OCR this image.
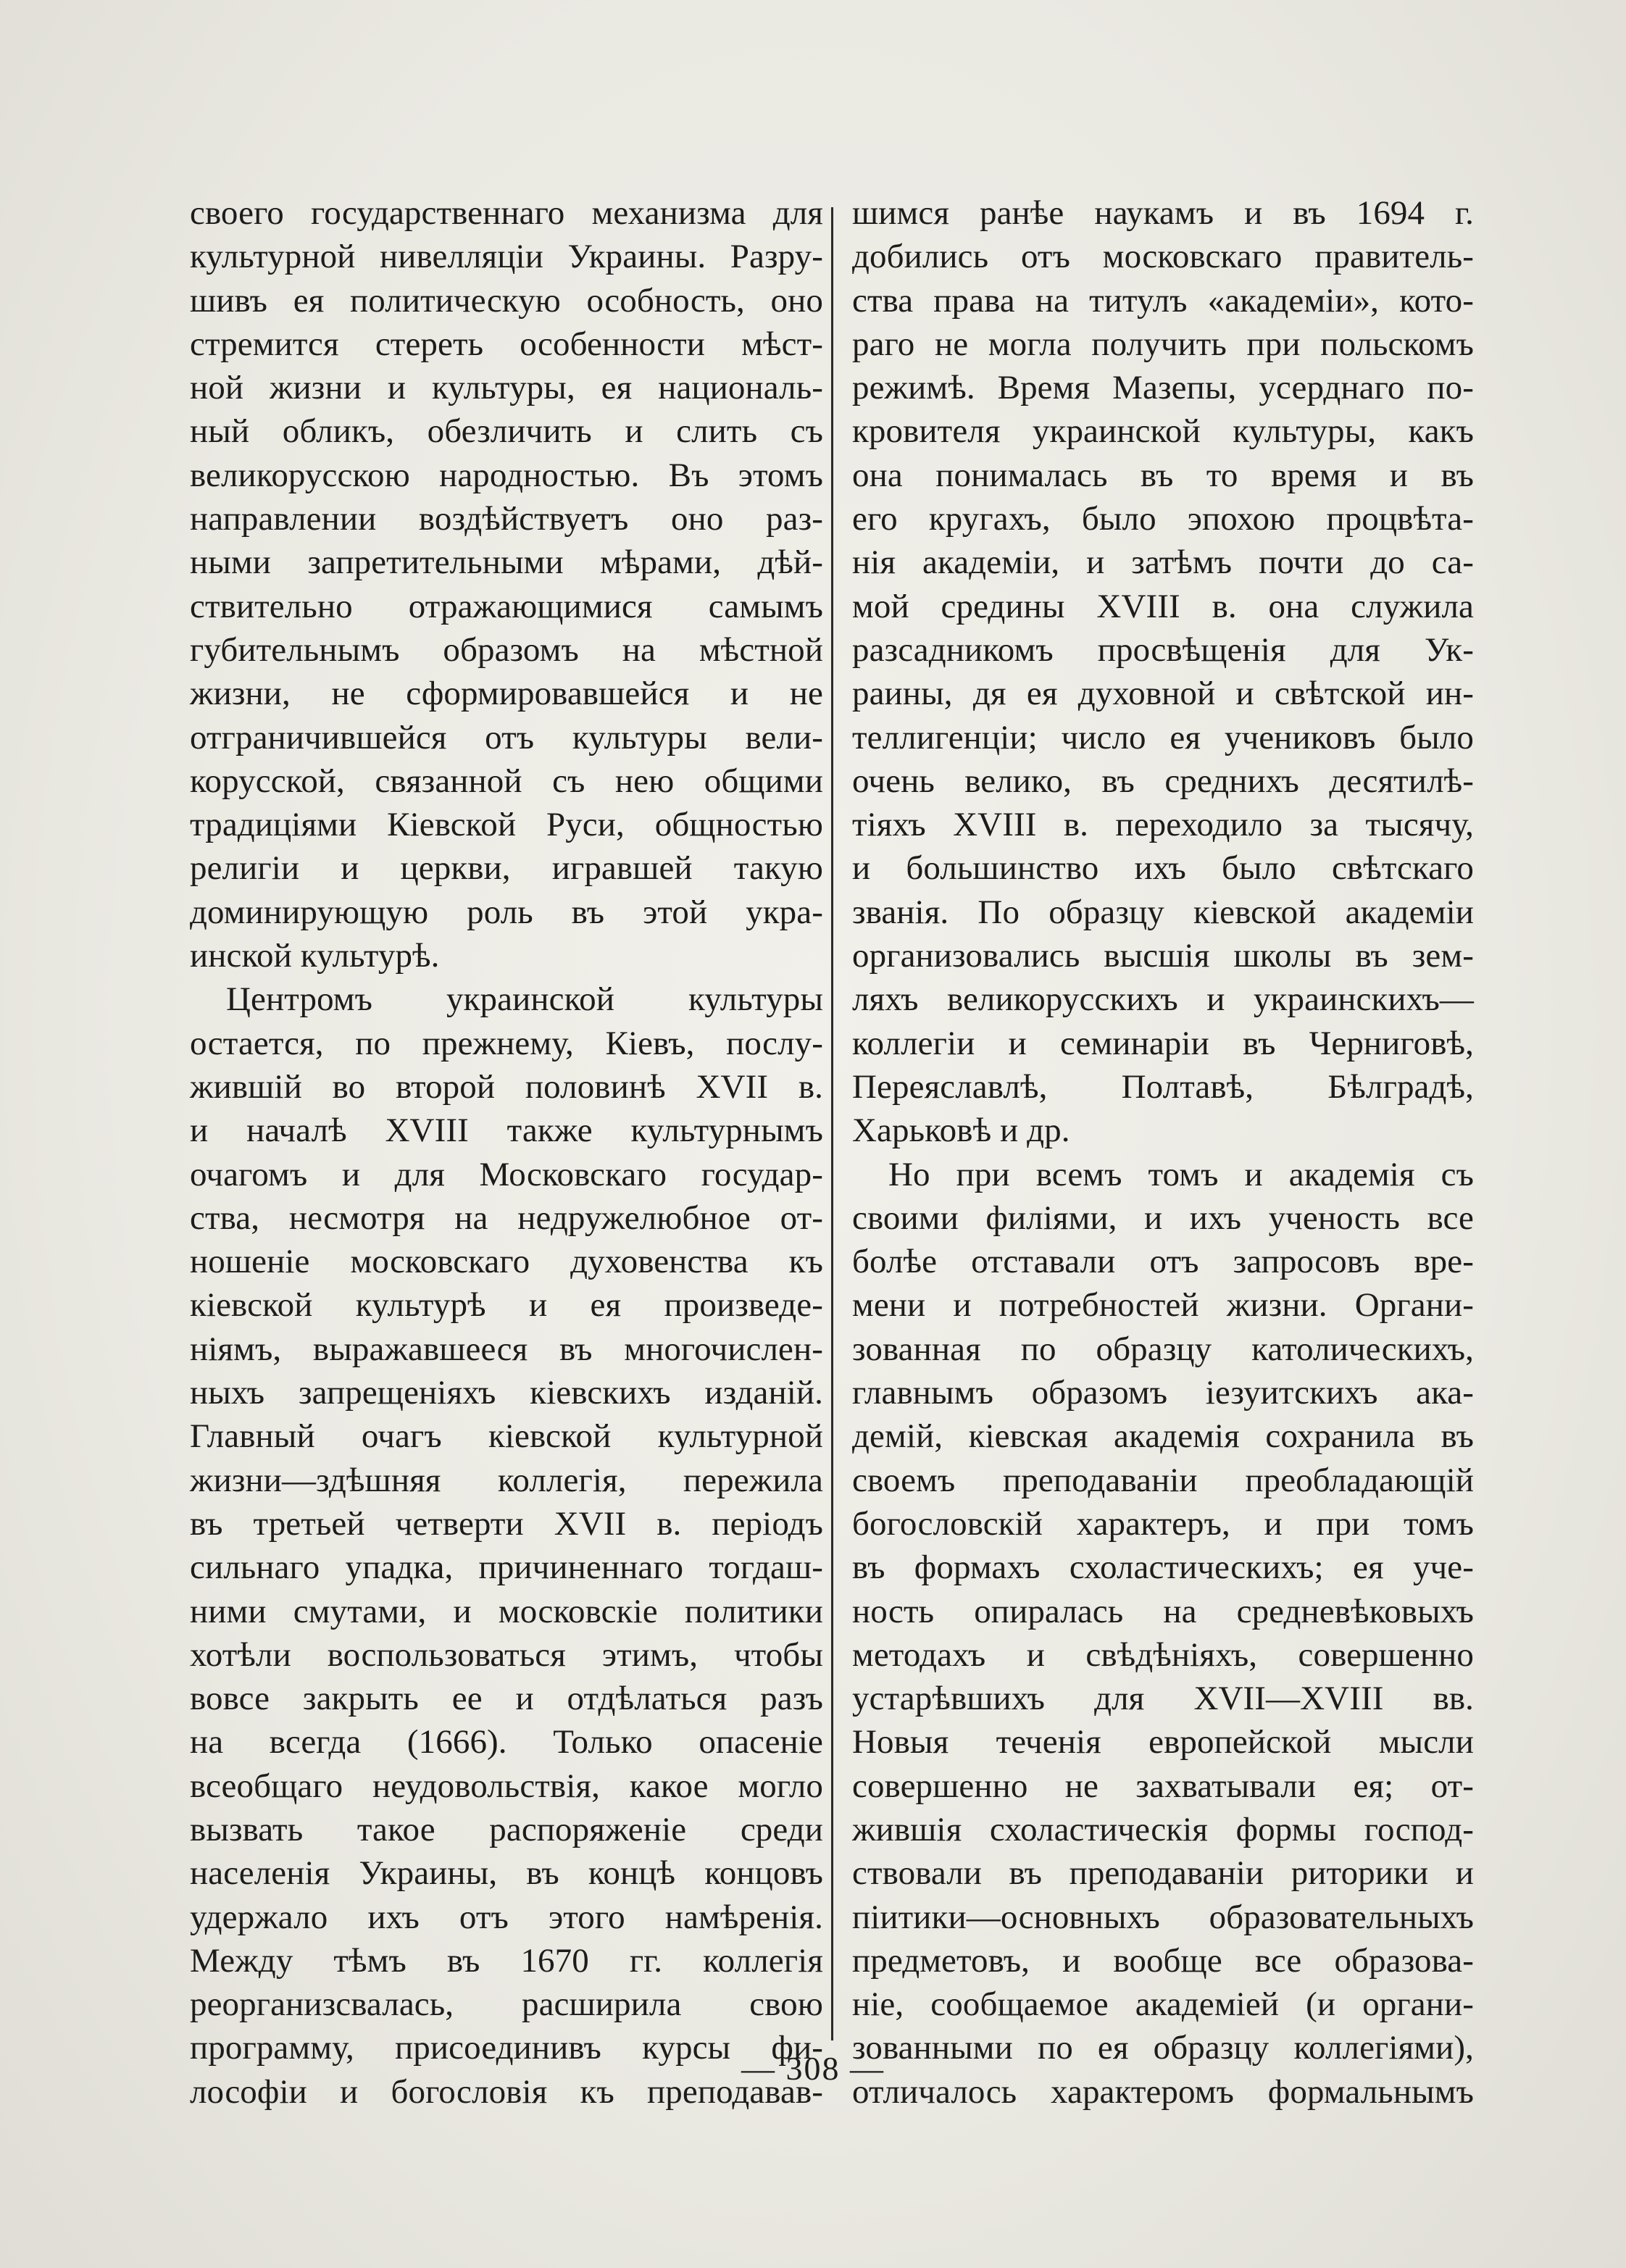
своего государственнаго механизма для
культурной нивелляціи Украины. Разру-
шивъ ея политическую особность, оно
стремится стереть особенности мѣст-
ной жизни и культуры, ея националь-
ный обликъ, обезличить и слить съ
великорусскою народностью. Въ этомъ
направлении воздѣйствуетъ оно раз-
ными запретительными мѣрами, дѣй-
ствительно отражающимися самымъ
губительнымъ образомъ на мѣстной
жизни, не сформировавшейся и не
отграничившейся отъ культуры вели-
корусской, связанной съ нею общими
традиціями Кіевской Руси, общностью
религіи и церкви, игравшей такую
доминирующую роль въ этой укра-
инской культурѣ.
Центромъ украинской культуры
остается, по прежнему, Кіевъ, послу-
жившій во второй половинѣ XVII в.
и началѣ XVIII также культурнымъ
очагомъ и для Московскаго государ-
ства, несмотря на недружелюбное от-
ношеніе московскаго духовенства къ
кіевской культурѣ и ея произведе-
ніямъ, выражавшееся въ многочислен-
ныхъ запрещеніяхъ кіевскихъ изданій.
Главный очагъ кіевской культурной
жизни—здѣшняя коллегія, пережила
въ третьей четверти XVII в. періодъ
сильнаго упадка, причиненнаго тогдаш-
ними смутами, и московскіе политики
хотѣли воспользоваться этимъ, чтобы
вовсе закрыть ее и отдѣлаться разъ
на всегда (1666). Только опасеніе
всеобщаго неудовольствія, какое могло
вызвать такое распоряженіе среди
населенія Украины, въ концѣ концовъ
удержало ихъ отъ этого намѣренія.
Между тѣмъ въ 1670 гг. коллегія
реорганизсвалась, расширила свою
программу, присоединивъ курсы фи-
лософіи и богословія къ преподавав-
шимся ранѣе наукамъ и въ 1694 г.
добились отъ московскаго правитель-
ства права на титулъ «академіи», кото-
раго не могла получить при польскомъ
режимѣ. Время Мазепы, усерднаго по-
кровителя украинской культуры, какъ
она понималась въ то время и въ
его кругахъ, было эпохою процвѣта-
нія академіи, и затѣмъ почти до са-
мой средины XVIII в. она служила
разсадникомъ просвѣщенія для Ук-
раины, дя ея духовной и свѣтской ин-
теллигенціи; число ея учениковъ было
очень велико, въ среднихъ десятилѣ-
тіяхъ XVIII в. переходило за тысячу,
и большинство ихъ было свѣтскаго
званія. По образцу кіевской академіи
организовались высшія школы въ зем-
ляхъ великорусскихъ и украинскихъ—
коллегіи и семинаріи въ Черниговѣ,
Переяславлѣ, Полтавѣ, Бѣлградѣ,
Харьковѣ и др.
Но при всемъ томъ и академія съ
своими филіями, и ихъ ученость все
болѣе отставали отъ запросовъ вре-
мени и потребностей жизни. Органи-
зованная по образцу католическихъ,
главнымъ образомъ іезуитскихъ ака-
демій, кіевская академія сохранила въ
своемъ преподаваніи преобладающій
богословскій характеръ, и при томъ
въ формахъ схоластическихъ; ея уче-
ность опиралась на средневѣковыхъ
методахъ и свѣдѣніяхъ, совершенно
устарѣвшихъ для XVII—XVIII вв.
Новыя теченія европейской мысли
совершенно не захватывали ея; от-
жившія схоластическія формы господ-
ствовали въ преподаваніи риторики и
піитики—основныхъ образовательныхъ
предметовъ, и вообще все образова-
ніе, сообщаемое академіей (и органи-
зованными по ея образцу коллегіями),
отличалось характеромъ формальнымъ
— 308 —
